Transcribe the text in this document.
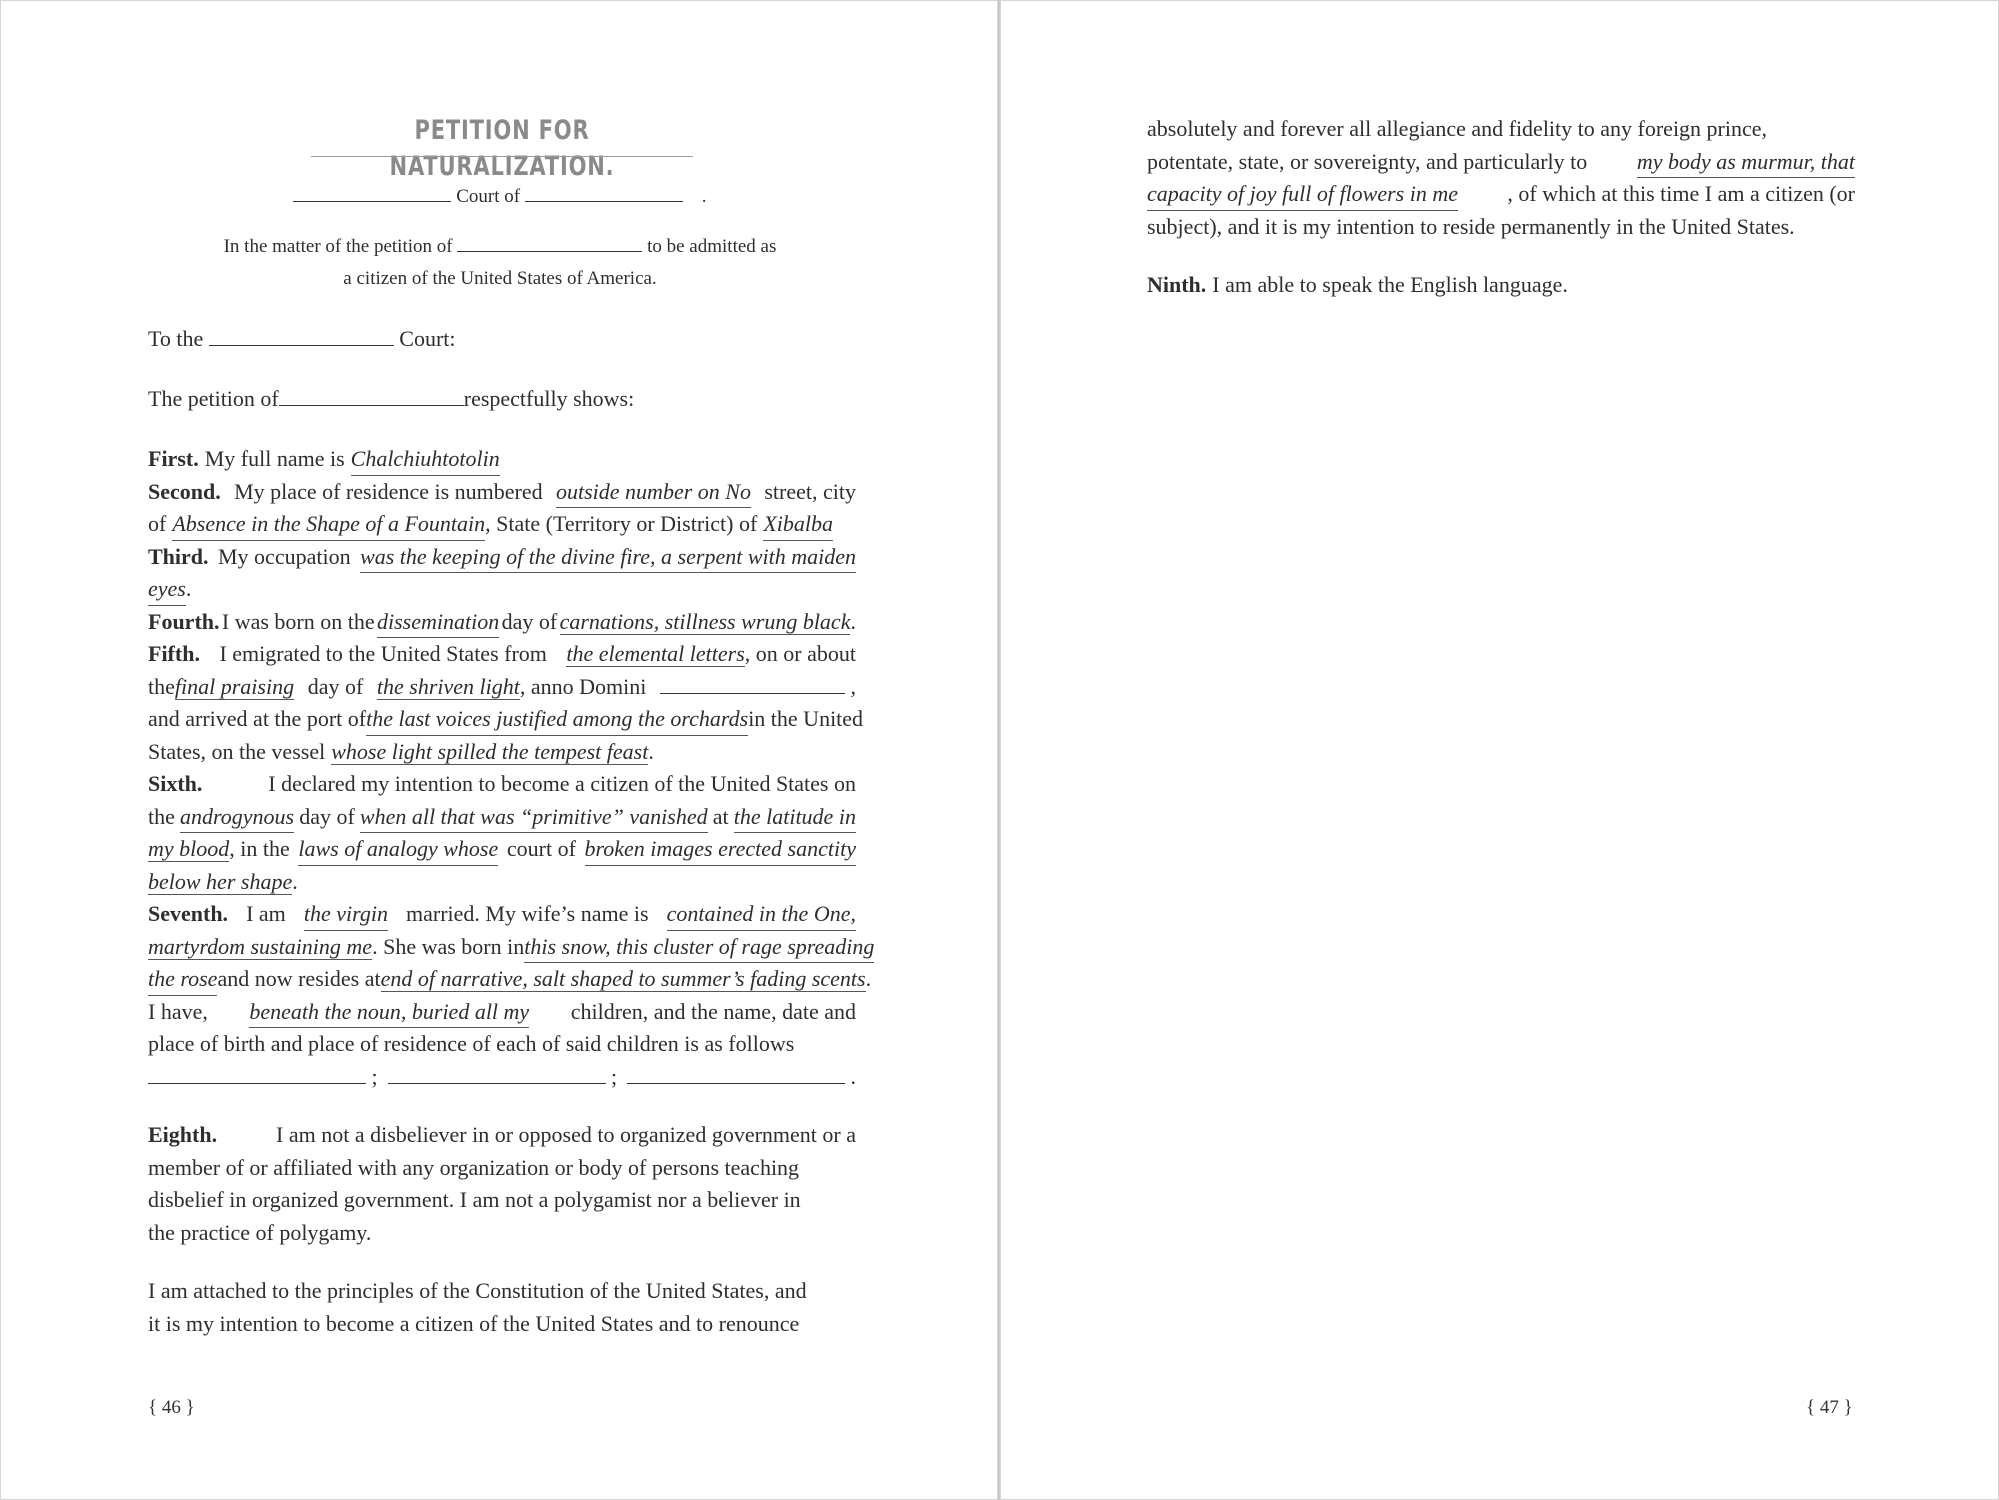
PETITION FOR NATURALIZATION.
Court of	.
In the matter of the petition of	to be admitted as
a citizen of the United States of America.
To the	Court:
The petition of	respectfully shows:
First. My full name is Chalchiuhtotolin
Second. My place of residence is numbered outside number on No street, city
of Absence in the Shape of a Fountain , State (Territory or District) of Xibalba
Third. My occupation was the keeping of the divine fire, a serpent with maiden
eyes .
Fourth. I was born on the dissemination day of carnations, stillness wrung black.
Fifth. I emigrated to the United States from the elemental letters, on or about
thefinal praising day of the shriven light, anno Domini	,
and arrived at the port of the last voices justified among the orchards in the United
States, on the vessel whose light spilled the tempest feast.
Sixth.	I declared my intention to become a citizen of the United States on
the androgynous day of when all that was “primitive” vanished at the latitude in
my blood, in the laws of analogy whose court of broken images erected sanctity
below her shape.
Seventh. I am the virgin married. My wife’s name is contained in the One,
martyrdom sustaining me. She was born in this snow, this cluster of rage spreading
the rose and now resides at end of narrative, salt shaped to summer’s fading scents.
I have, beneath the noun, buried all my children, and the name, date and
place of birth and place of residence of each of said children is as follows
;	;	.
Eighth.	I am not a disbeliever in or opposed to organized government or a
member of or affiliated with any organization or body of persons teaching
disbelief in organized government. I am not a polygamist nor a believer in
the practice of polygamy.
I am attached to the principles of the Constitution of the United States, and
it is my intention to become a citizen of the United States and to renounce
{ 46 }
absolutely and forever all allegiance and fidelity to any foreign prince,
potentate, state, or sovereignty, and particularly to my body as murmur, that
capacity of joy full of flowers in me , of which at this time I am a citizen (or
subject), and it is my intention to reside permanently in the United States.
Ninth. I am able to speak the English language.
{ 47 }
